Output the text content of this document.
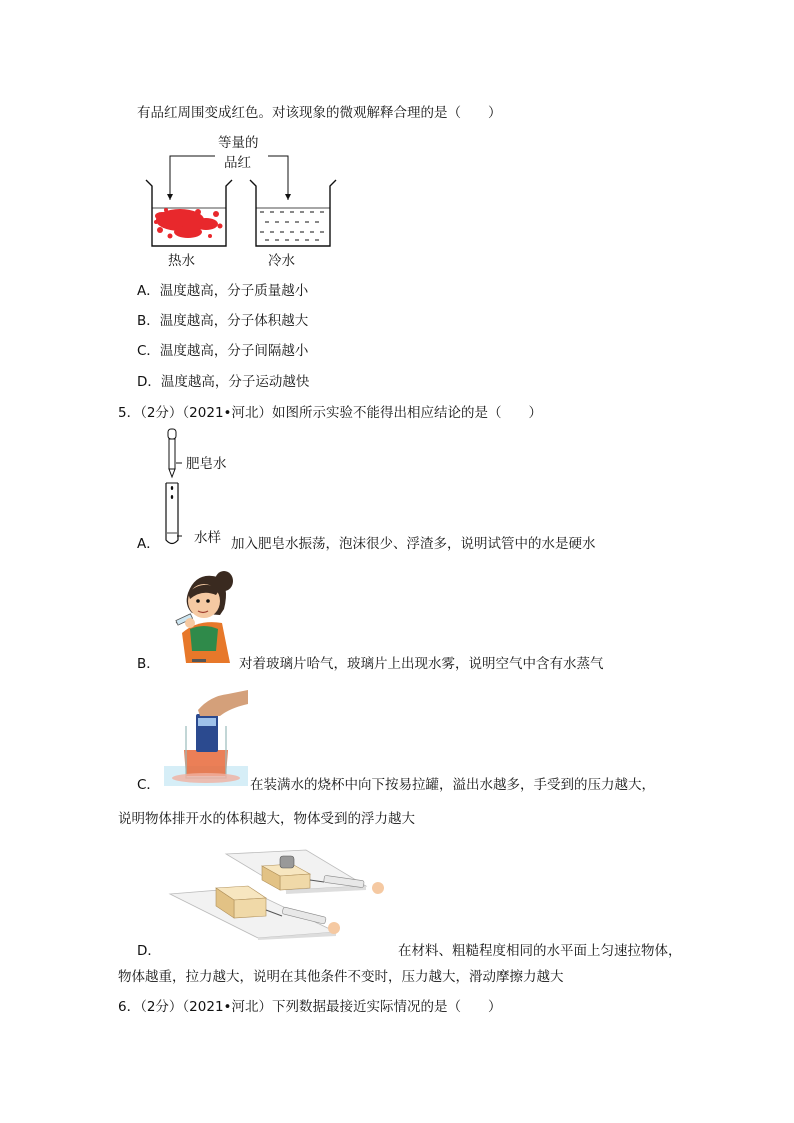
有品红周围变成红色。对该现象的微观解释合理的是（　　）
等量的
品红
热水	冷水
A．温度越高，分子质量越小
B．温度越高，分子体积越大
C．温度越高，分子间隔越小
D．温度越高，分子运动越快
5．（2分）（2021•河北）如图所示实验不能得出相应结论的是（　　）
肥皂水
水样
A．	加入肥皂水振荡，泡沫很少、浮渣多，说明试管中的水是硬水
B．	对着玻璃片哈气，玻璃片上出现水雾，说明空气中含有水蒸气
C．	在装满水的烧杯中向下按易拉罐，溢出水越多，手受到的压力越大，
说明物体排开水的体积越大，物体受到的浮力越大
D．	在材料、粗糙程度相同的水平面上匀速拉物体，
物体越重，拉力越大，说明在其他条件不变时，压力越大，滑动摩擦力越大
6．（2分）（2021•河北）下列数据最接近实际情况的是（　　）
